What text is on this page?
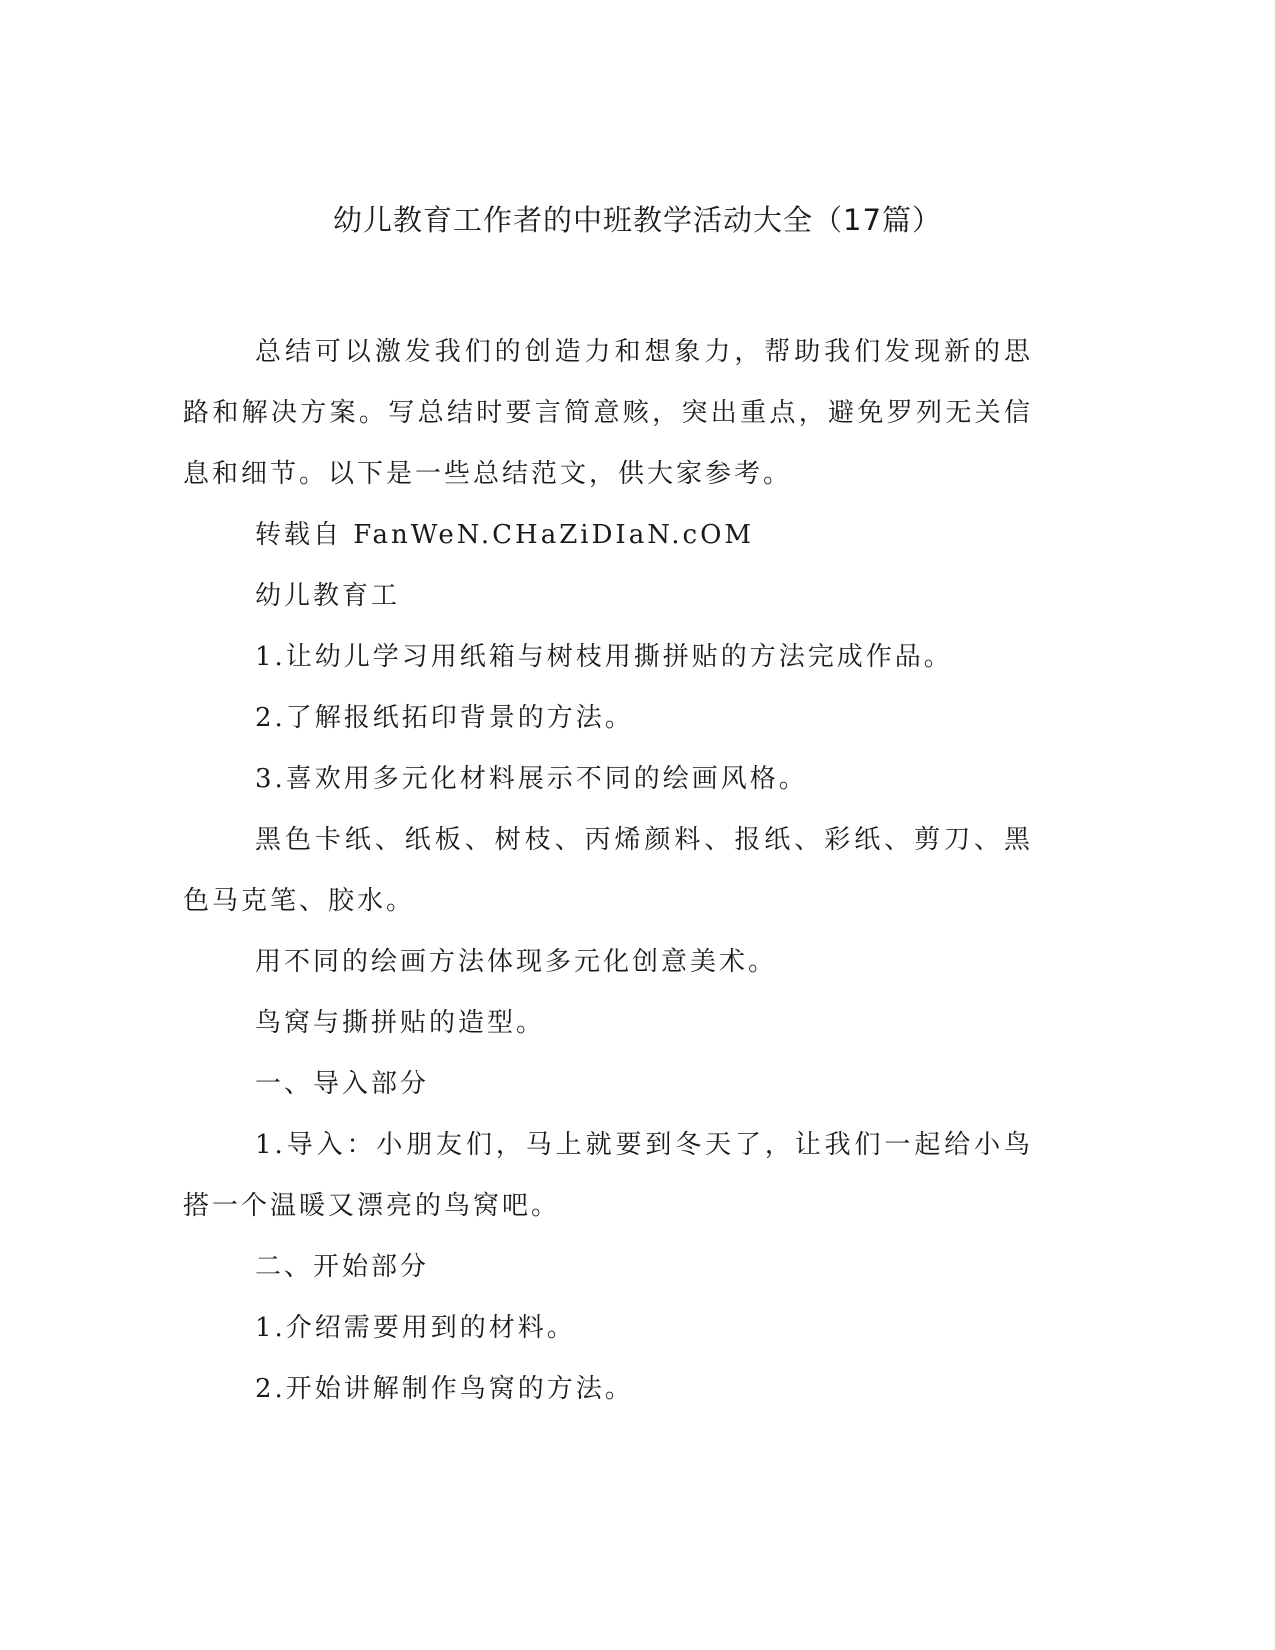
幼儿教育工作者的中班教学活动大全（17篇）

总结可以激发我们的创造力和想象力，帮助我们发现新的思路和解决方案。写总结时要言简意赅，突出重点，避免罗列无关信息和细节。以下是一些总结范文，供大家参考。

转载自 FanWeN.CHaZiDIaN.cOM

幼儿教育工

1.让幼儿学习用纸箱与树枝用撕拼贴的方法完成作品。

2.了解报纸拓印背景的方法。

3.喜欢用多元化材料展示不同的绘画风格。

黑色卡纸、纸板、树枝、丙烯颜料、报纸、彩纸、剪刀、黑色马克笔、胶水。

用不同的绘画方法体现多元化创意美术。

鸟窝与撕拼贴的造型。

一、导入部分

1.导入：小朋友们，马上就要到冬天了，让我们一起给小鸟搭一个温暖又漂亮的鸟窝吧。

二、开始部分

1.介绍需要用到的材料。

2.开始讲解制作鸟窝的方法。
